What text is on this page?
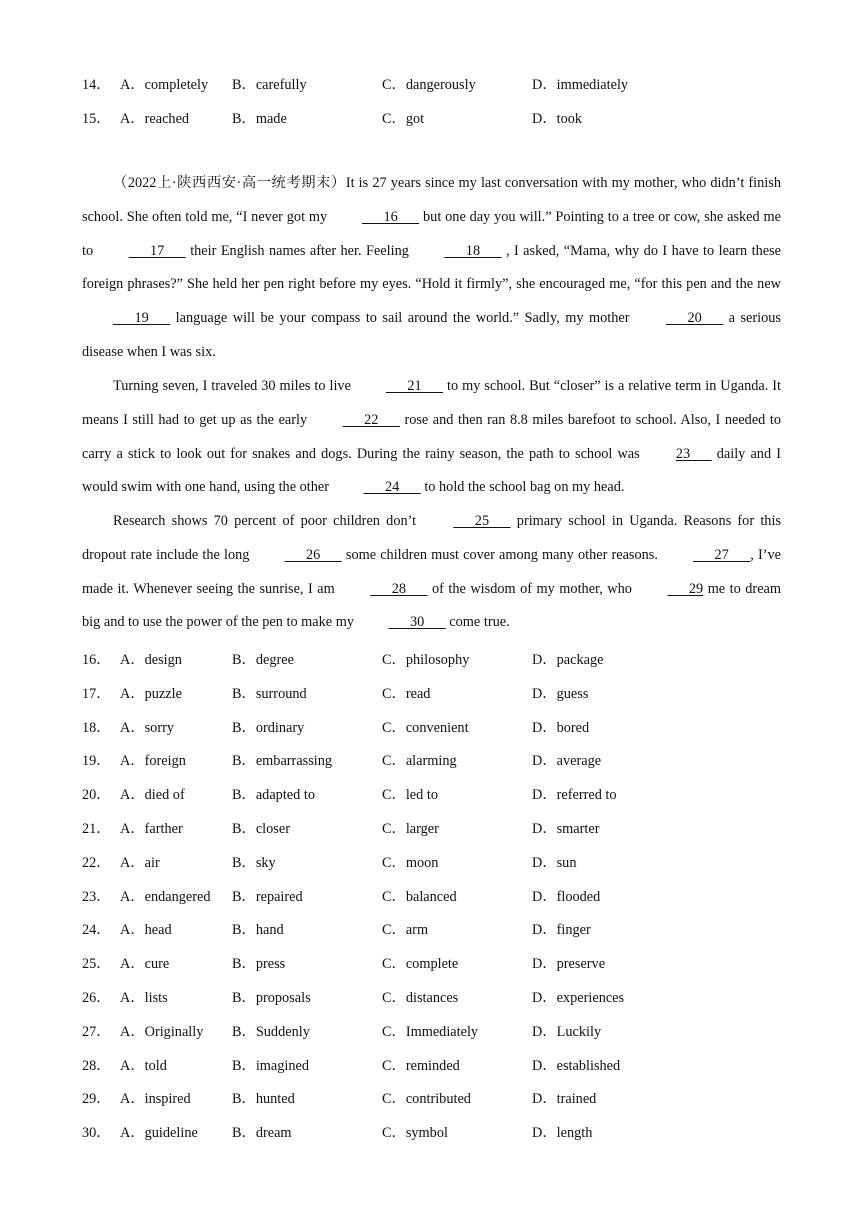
14． A．completely B．carefully	C．dangerously	D．immediately
15． A．reached	B．made	C．got	D．took
（2022上·陕西西安·高一统考期末）It is 27 years since my last conversation with my mother, who didn’t finish school. She often told me, “I never got my       16       but one day you will.” Pointing to a tree or cow, she asked me to       17       their English names after her. Feeling       18       , I asked, “Mama, why do I have to learn these foreign phrases?” She held her pen right before my eyes. “Hold it firmly”, she encouraged me, “for this pen and the new       19       language will be your compass to sail around the world.” Sadly, my mother       20       a serious disease when I was six.
Turning seven, I traveled 30 miles to live       21       to my school. But “closer” is a relative term in Uganda. It means I still had to get up as the early       22       rose and then ran 8.8 miles barefoot to school. Also, I needed to carry a stick to look out for snakes and dogs. During the rainy season, the path to school was 23       daily and I would swim with one hand, using the other       24       to hold the school bag on my head.
Research shows 70 percent of poor children don’t       25       primary school in Uganda. Reasons for this dropout rate include the long       26       some children must cover among many other reasons.       27      , I’ve made it. Whenever seeing the sunrise, I am       28       of the wisdom of my mother, who       29 me to dream big and to use the power of the pen to make my       30       come true.
16． A．design	B．degree	C．philosophy	D．package
17． A．puzzle	B．surround	C．read	D．guess
18． A．sorry	B．ordinary	C．convenient	D．bored
19． A．foreign	B．embarrassing	C．alarming	D．average
20． A．died of	B．adapted to	C．led to	D．referred to
21． A．farther	B．closer	C．larger	D．smarter
22． A．air	B．sky	C．moon	D．sun
23． A．endangered B．repaired	C．balanced	D．flooded
24． A．head	B．hand	C．arm	D．finger
25． A．cure	B．press	C．complete	D．preserve
26． A．lists	B．proposals	C．distances	D．experiences
27． A．Originally B．Suddenly	C．Immediately	D．Luckily
28． A．told	B．imagined	C．reminded	D．established
29． A．inspired	B．hunted	C．contributed	D．trained
30． A．guideline B．dream	C．symbol	D．length
